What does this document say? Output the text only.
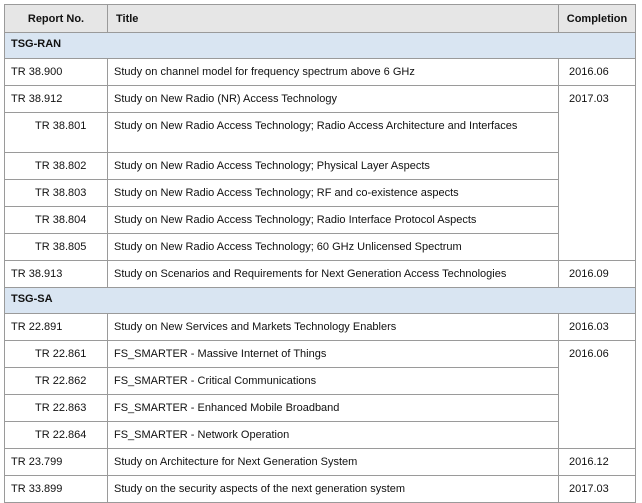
Report No.	Title	Completion
TSG-RAN		
TR 38.900	Study on channel model for frequency spectrum above 6 GHz	2016.06
TR 38.912	Study on New Radio (NR) Access Technology	2017.03
TR 38.801	Study on New Radio Access Technology; Radio Access Architecture and Interfaces	
TR 38.802	Study on New Radio Access Technology; Physical Layer Aspects	
TR 38.803	Study on New Radio Access Technology; RF and co-existence aspects	
TR 38.804	Study on New Radio Access Technology; Radio Interface Protocol Aspects	
TR 38.805	Study on New Radio Access Technology; 60 GHz Unlicensed Spectrum	
TR 38.913	Study on Scenarios and Requirements for Next Generation Access Technologies	2016.09
TSG-SA		
TR 22.891	Study on New Services and Markets Technology Enablers	2016.03
TR 22.861	FS_SMARTER - Massive Internet of Things	2016.06
TR 22.862	FS_SMARTER - Critical Communications	
TR 22.863	FS_SMARTER - Enhanced Mobile Broadband	
TR 22.864	FS_SMARTER - Network Operation	
TR 23.799	Study on Architecture for Next Generation System	2016.12
TR 33.899	Study on the security aspects of the next generation system	2017.03
